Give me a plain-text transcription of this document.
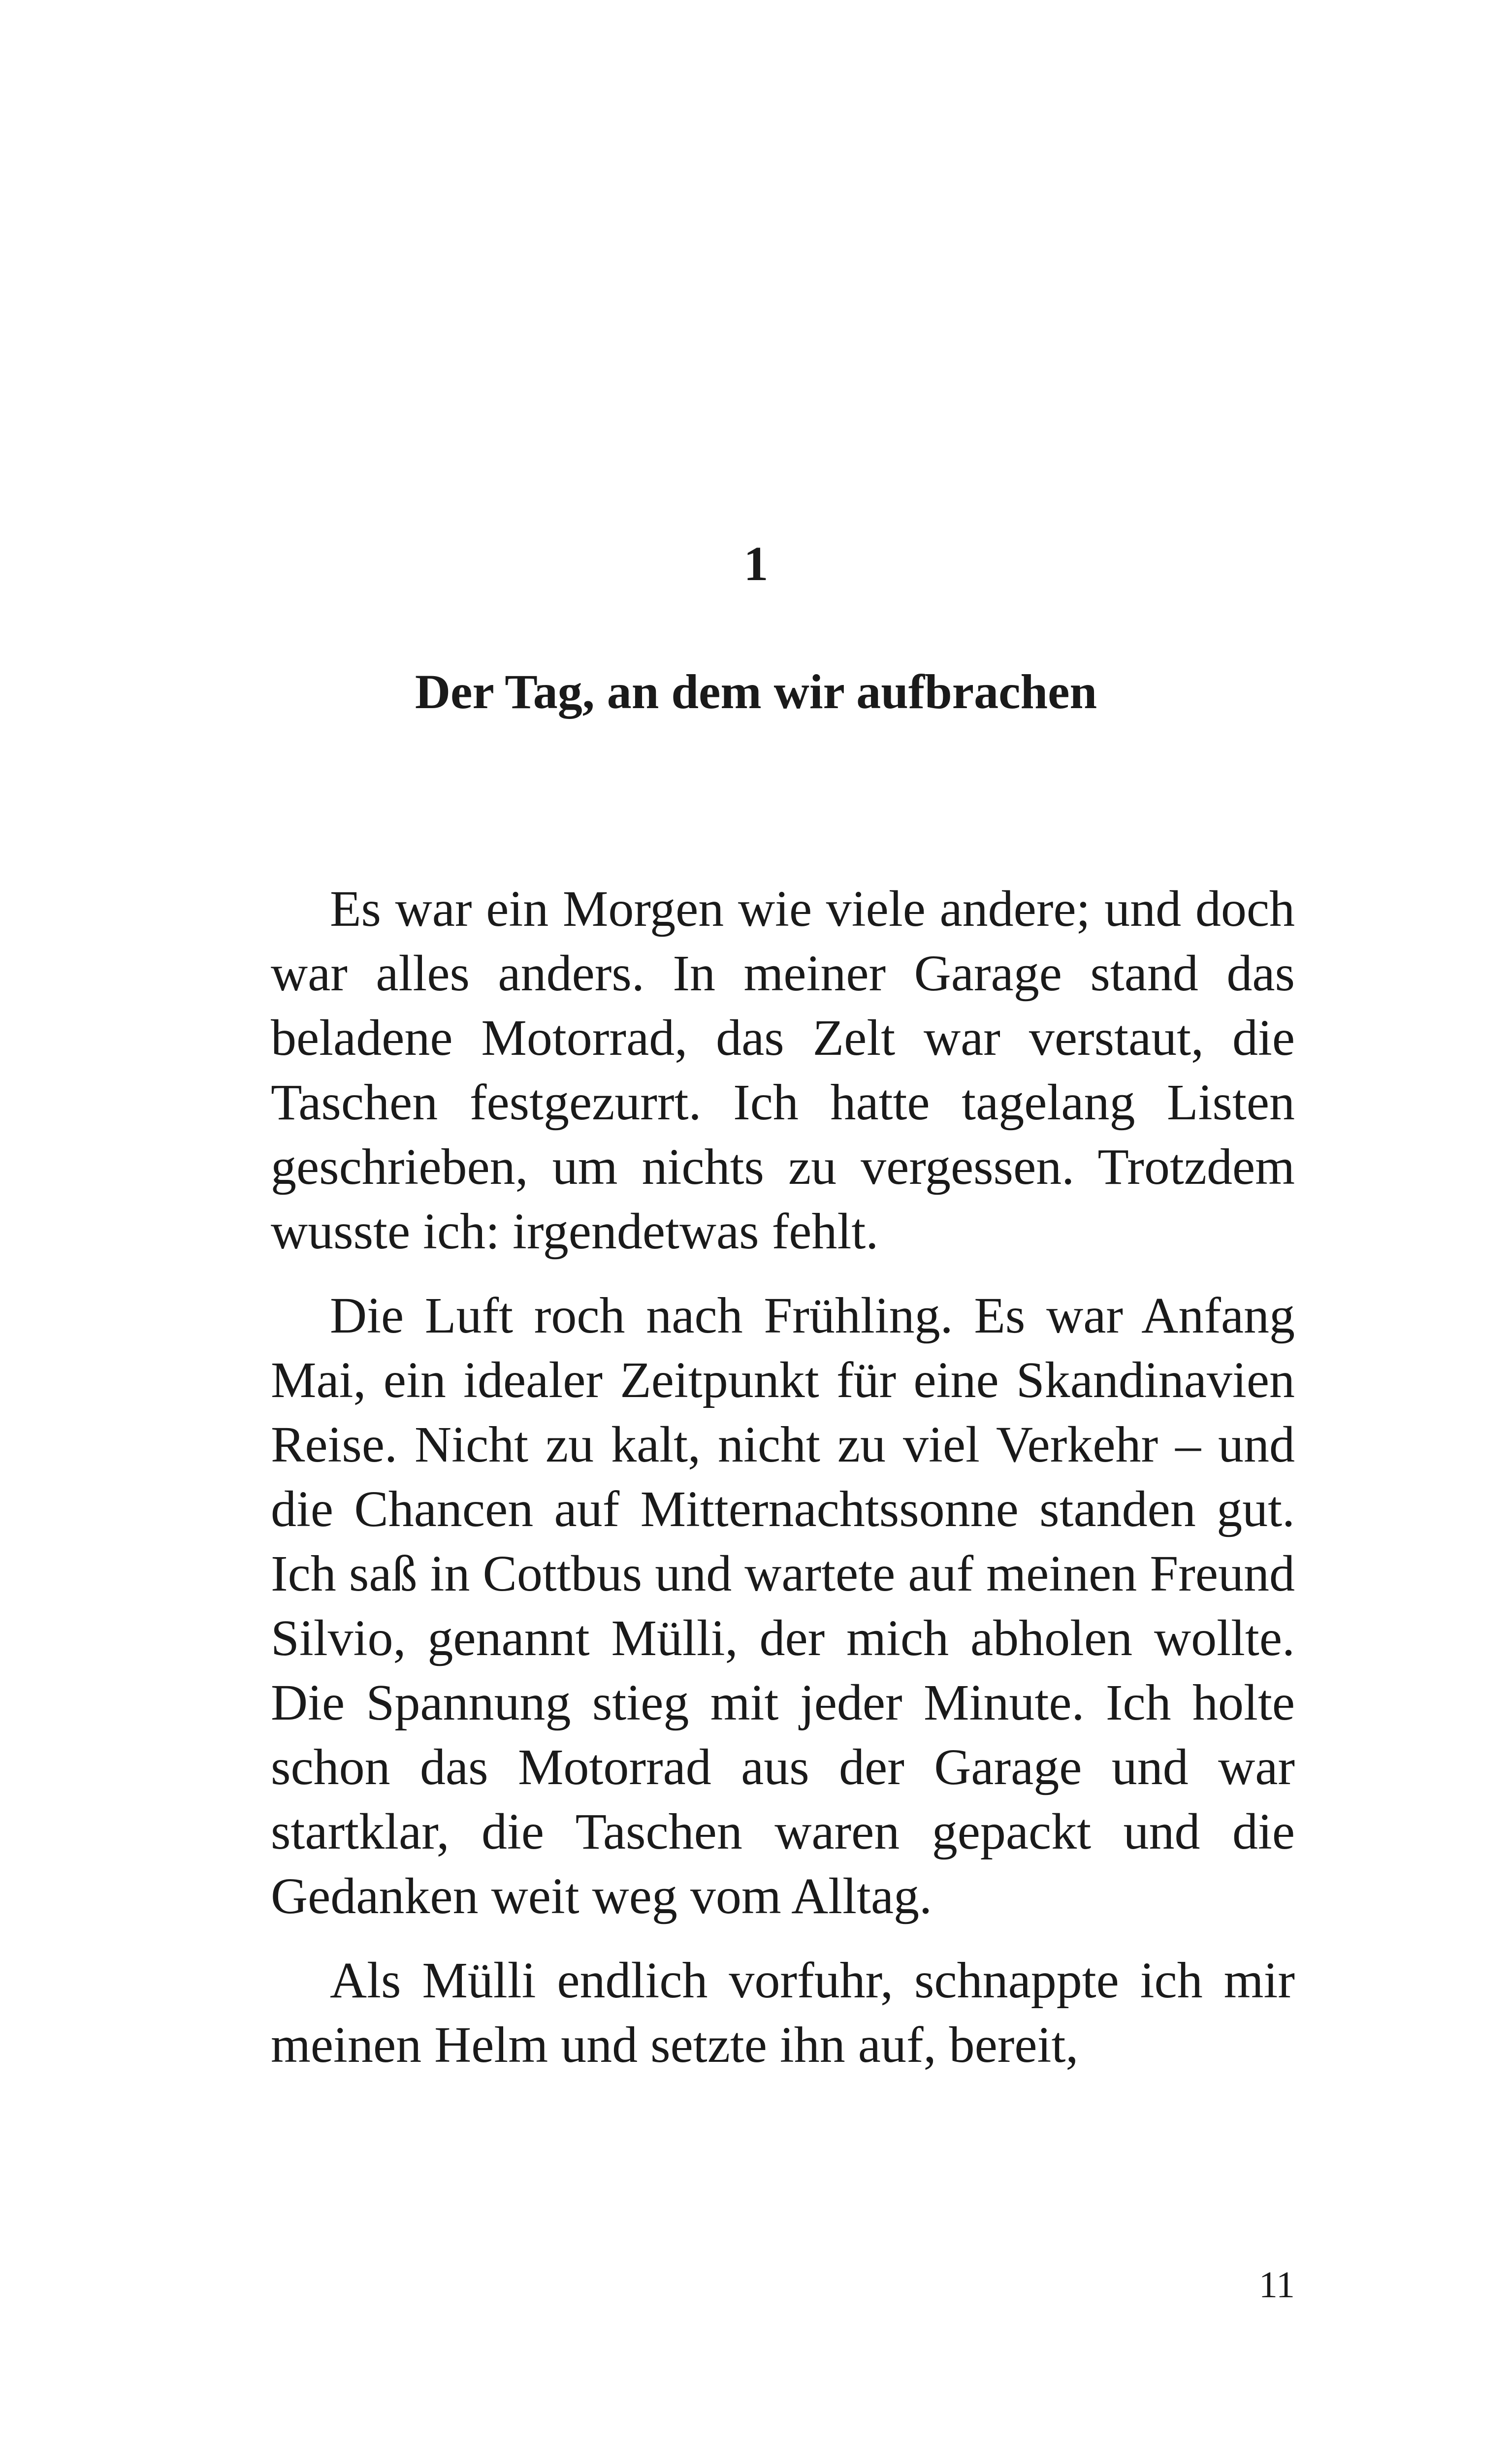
1
Der Tag, an dem wir aufbrachen

Es war ein Morgen wie viele andere; und doch war alles anders. In meiner Garage stand das beladene Motorrad, das Zelt war verstaut, die Taschen festgezurrt. Ich hatte tagelang Listen geschrieben, um nichts zu vergessen. Trotzdem wusste ich: irgendetwas fehlt.

Die Luft roch nach Frühling. Es war Anfang Mai, ein idealer Zeitpunkt für eine Skandinavien Reise. Nicht zu kalt, nicht zu viel Verkehr – und die Chancen auf Mitternachtssonne standen gut. Ich saß in Cottbus und wartete auf meinen Freund Silvio, genannt Mülli, der mich abholen wollte. Die Spannung stieg mit jeder Minute. Ich holte schon das Motorrad aus der Garage und war startklar, die Taschen waren gepackt und die Gedanken weit weg vom Alltag.

Als Mülli endlich vorfuhr, schnappte ich mir meinen Helm und setzte ihn auf, bereit,

11
